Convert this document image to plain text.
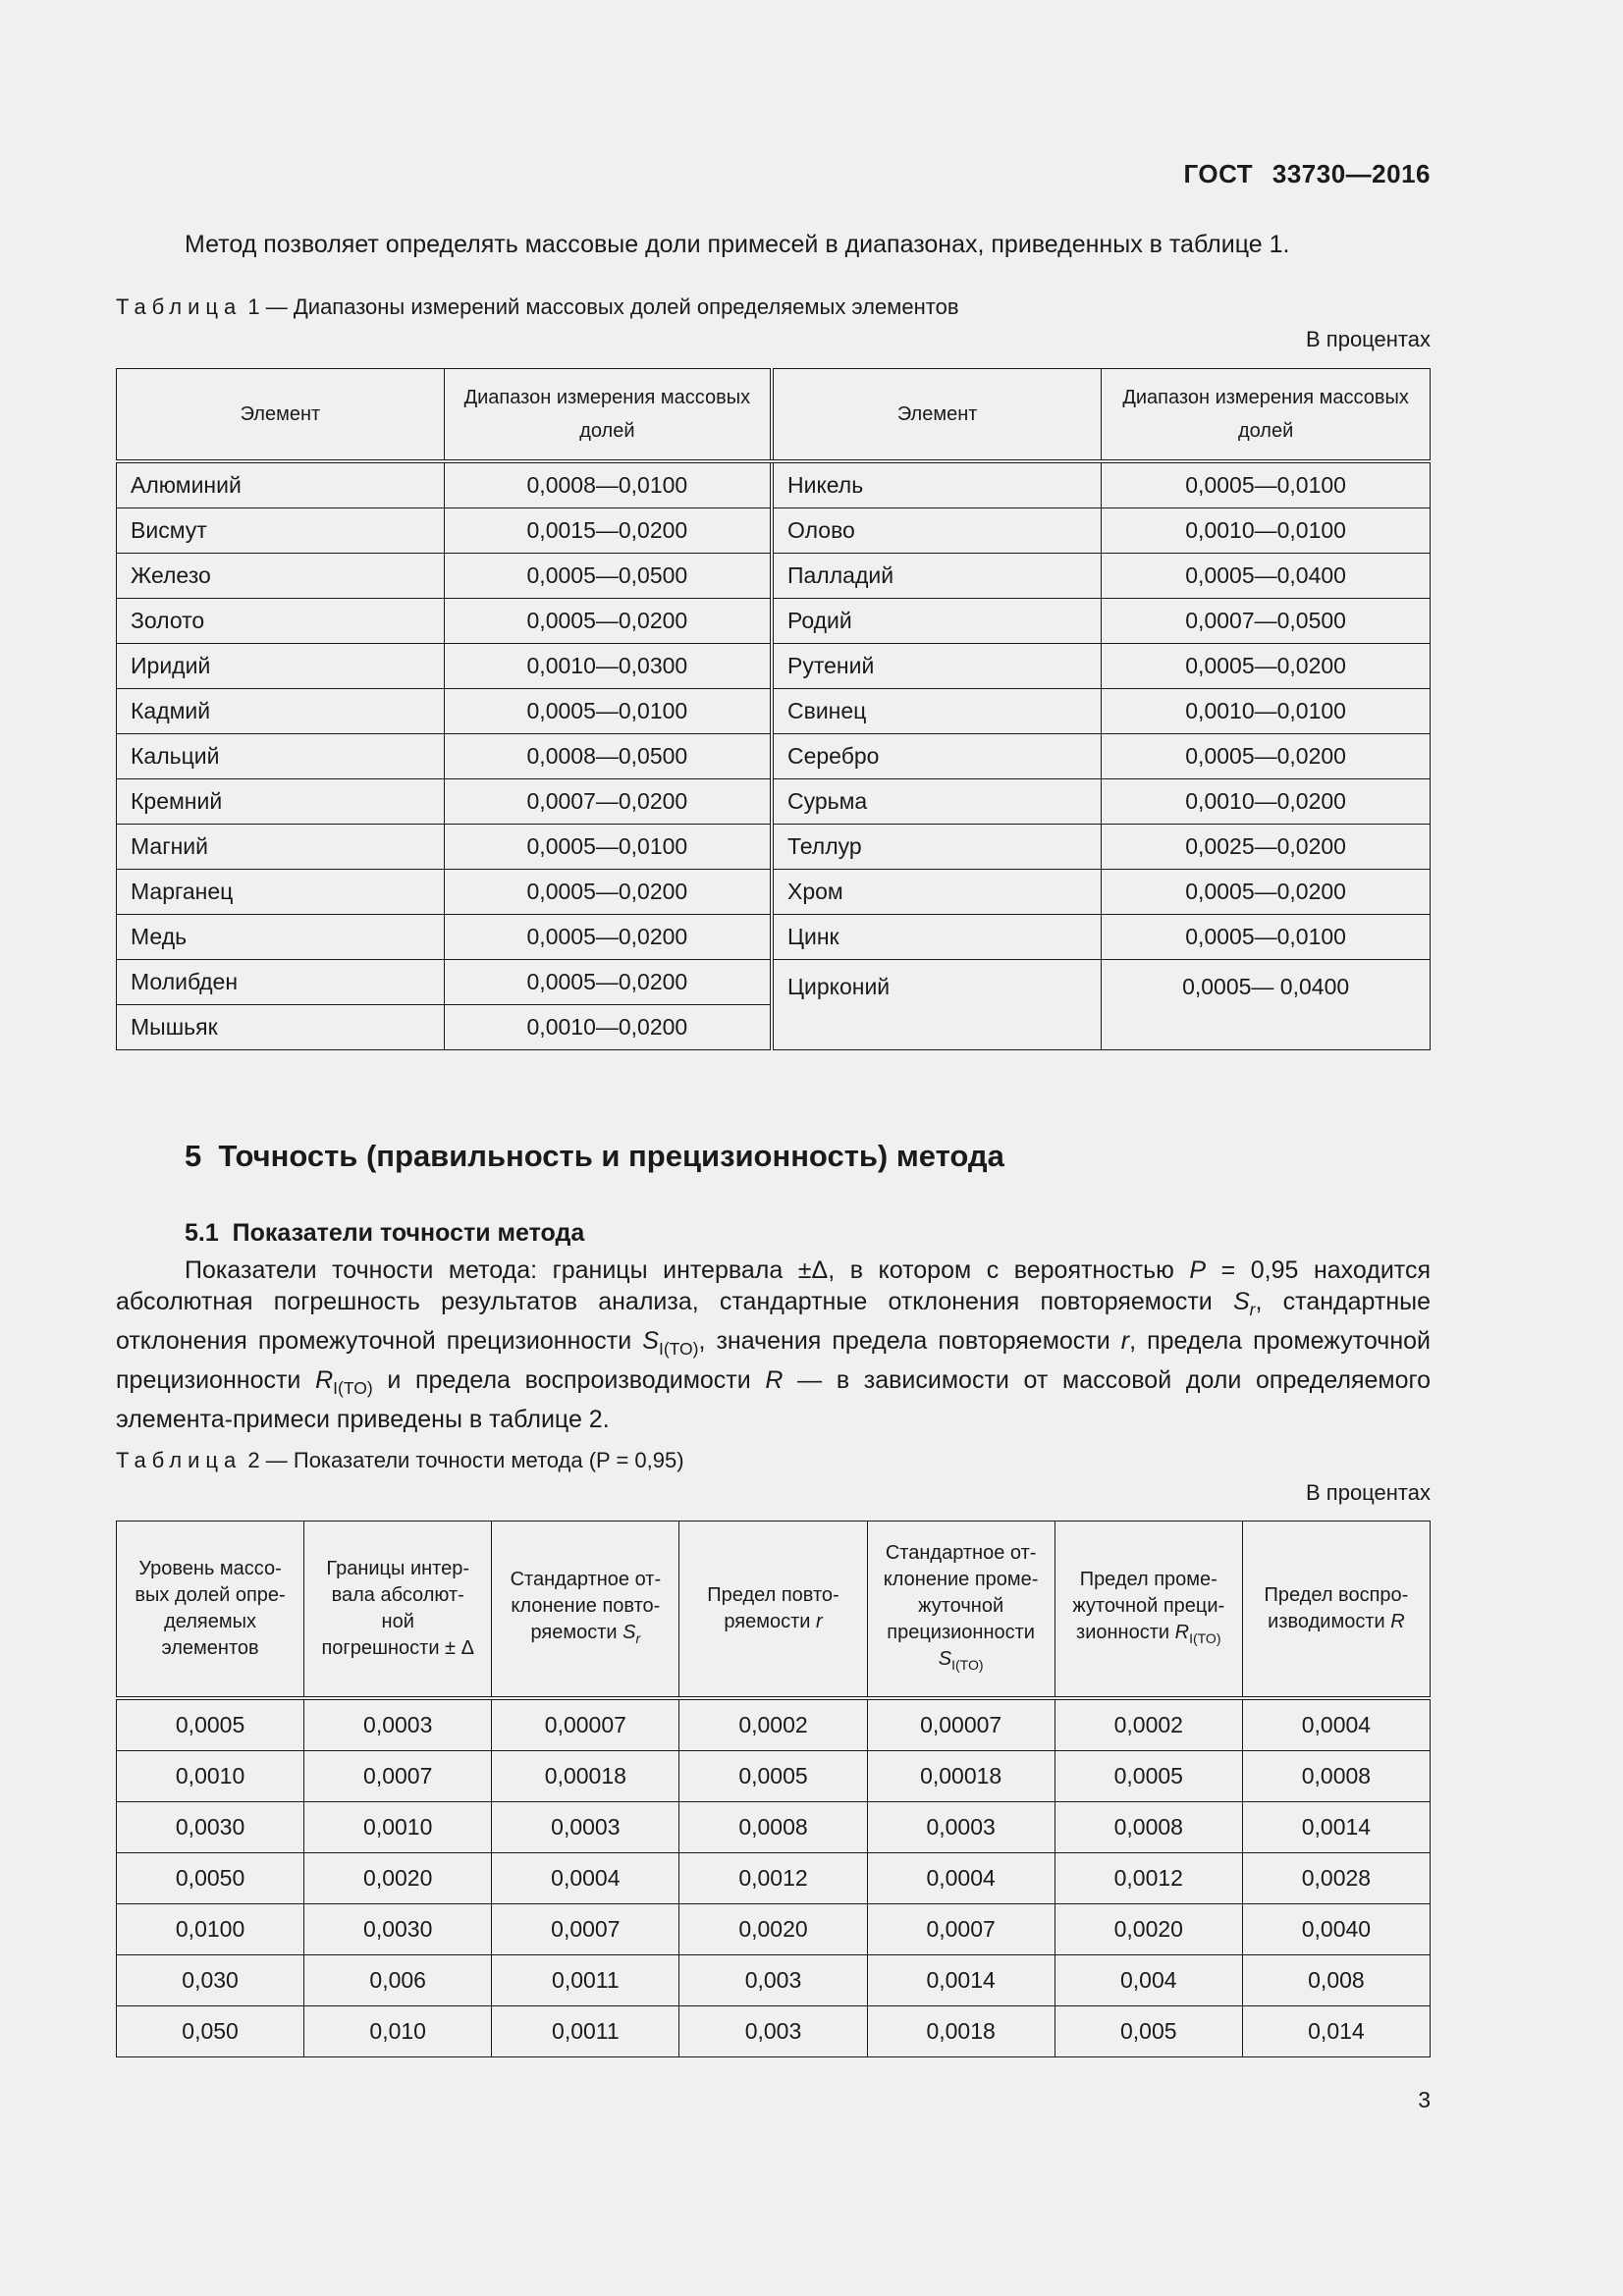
ГОСТ 33730—2016
Метод позволяет определять массовые доли примесей в диапазонах, приведенных в таблице 1.
Таблица 1 — Диапазоны измерений массовых долей определяемых элементов
В процентах
Элемент	Диапазон измерения массовых долей	Элемент	Диапазон измерения массовых долей
Алюминий	0,0008—0,0100	Никель	0,0005—0,0100
Висмут	0,0015—0,0200	Олово	0,0010—0,0100
Железо	0,0005—0,0500	Палладий	0,0005—0,0400
Золото	0,0005—0,0200	Родий	0,0007—0,0500
Иридий	0,0010—0,0300	Рутений	0,0005—0,0200
Кадмий	0,0005—0,0100	Свинец	0,0010—0,0100
Кальций	0,0008—0,0500	Серебро	0,0005—0,0200
Кремний	0,0007—0,0200	Сурьма	0,0010—0,0200
Магний	0,0005—0,0100	Теллур	0,0025—0,0200
Марганец	0,0005—0,0200	Хром	0,0005—0,0200
Медь	0,0005—0,0200	Цинк	0,0005—0,0100
Молибден	0,0005—0,0200	Цирконий	0,0005— 0,0400
Мышьяк	0,0010—0,0200		
5  Точность (правильность и прецизионность) метода
5.1  Показатели точности метода
Показатели точности метода: границы интервала ±Δ, в котором с вероятностью P = 0,95 находится абсолютная погрешность результатов анализа, стандартные отклонения повторяемости $S_r$, стандартные отклонения промежуточной прецизионности $S_{I(TO)}$, значения предела повторяемости r, предела промежуточной прецизионности $R_{I(TO)}$ и предела воспроизводимости R — в зависимости от массовой доли определяемого элемента-примеси приведены в таблице 2.
Таблица 2 — Показатели точности метода (P = 0,95)
В процентах
Уровень массо-
вых долей опре-
деляемых
элементов	Границы интер-
вала абсолют-
ной
погрешности ± Δ	Стандартное от-
клонение повто-
ряемости $S_r$	Предел повто-
ряемости r	Стандартное от-
клонение проме-
жуточной
прецизионности
$S_{I(TO)}$	Предел проме-
жуточной преци-
зионности $R_{I(TO)}$	Предел воспро-
изводимости R
0,0005	0,0003	0,00007	0,0002	0,00007	0,0002	0,0004
0,0010	0,0007	0,00018	0,0005	0,00018	0,0005	0,0008
0,0030	0,0010	0,0003	0,0008	0,0003	0,0008	0,0014
0,0050	0,0020	0,0004	0,0012	0,0004	0,0012	0,0028
0,0100	0,0030	0,0007	0,0020	0,0007	0,0020	0,0040
0,030	0,006	0,0011	0,003	0,0014	0,004	0,008
0,050	0,010	0,0011	0,003	0,0018	0,005	0,014
3
